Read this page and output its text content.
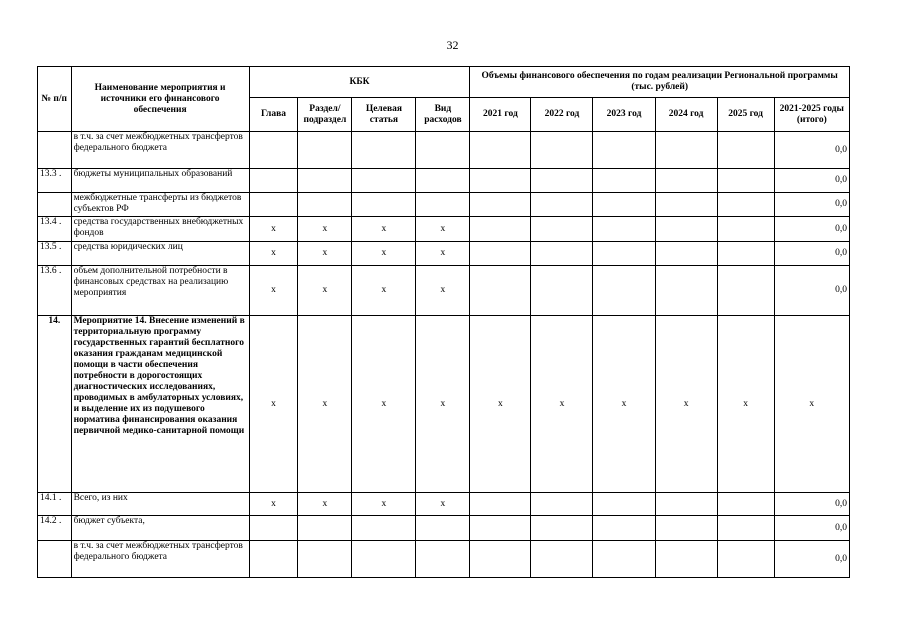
32
№ п/п	Наименование мероприятия и источники его финансового обеспечения	КБК				Объемы финансового обеспечения по годам реализации Региональной программы (тыс. рублей)					
		Глава	Раздел/ подраздел	Целевая статья	Вид расходов	2021 год	2022 год	2023 год	2024 год	2025 год	2021-2025 годы (итого)
	в т.ч. за счет межбюджетных трансфертов федерального бюджета										0,0
13.3 .	бюджеты муниципальных образований										0,0
	межбюджетные трансферты из бюджетов субъектов РФ										0,0
13.4 .	средства государственных внебюджетных фондов	x	x	x	x						0,0
13.5 .	средства юридических лиц	x	x	x	x						0,0
13.6 .	объем дополнительной потребности в финансовых средствах на реализацию мероприятия	x	x	x	x						0,0
14.	Мероприятие 14. Внесение изменений в территориальную программу государственных гарантий бесплатного оказания гражданам медицинской помощи в части обеспечения потребности в дорогостоящих диагностических исследованиях, проводимых в амбулаторных условиях, и выделение их из подушевого норматива финансирования оказания первичной медико-санитарной помощи	x	x	x	x	x	x	x	x	x	x
14.1 .	Всего, из них	x	x	x	x						0,0
14.2 .	бюджет субъекта,										0,0
	в т.ч. за счет межбюджетных трансфертов федерального бюджета										0,0
